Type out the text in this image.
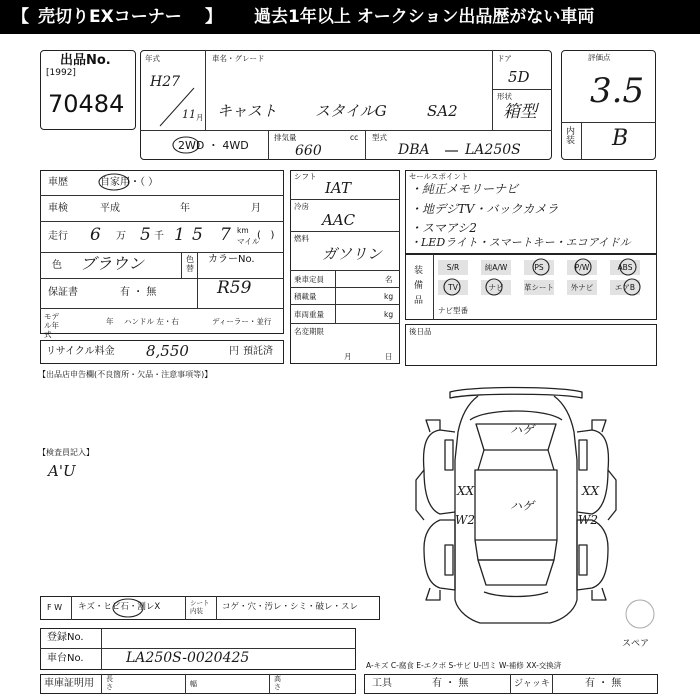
【 売切りEXコーナー 】 過去1年以上 オークション出品歴がない車両
出品No.
[1992]
70484
年式
H27
11 月
車名・グレード
キャスト	スタイルG	SA2
ドア
5D
形状
箱型
2WD ・ 4WD
排気量	cc
660
型式
DBA	LA250S
評価点
3.5
内装 B
車歴	自家用・（ ）
車検	平成	年	月
走行 6 万 5 千 1 5 7 km
マイル
(   )
色 ブラウン	色替
カラーNo.
R59
保証書	有 ・ 無
モデル年式
年 ハンドル 左・右	ディーラー・並行
シフト
IAT
冷房
AAC
燃料
ガソリン
乗車定員	名
積載量	kg
車両重量	kg
名変期限
月	日
セールスポイント
・純正メモリーナビ
・地デジTV・バックカメラ
・スマアシ2
・LEDライト・スマートキー・エコアイドル
装備品
S/R	純A/W	PS	P/W	ABS
TV	ナビ	革シート	外ナビ	エアB
ナビ型番
後日品
リサイクル料金 8,550	円 預託済
【出品店申告欄(不良箇所・欠品・注意事項等)】
【検査員記入】
A'U
ハゲ
ハゲ
XX	XX
W2	W2
スペア
F W キズ・ヒビ石・割レX	シート内装	コゲ・穴・汚レ・シミ・破レ・スレ
登録No.
車台No.	LA250S-0020425
車庫証明用 長さ	幅
高さ
A-キズ C-腐食 E-エクボ S-サビ U-凹ミ W-補修 XX-交換済
工具	有 ・ 無	ジャッキ	有 ・ 無
